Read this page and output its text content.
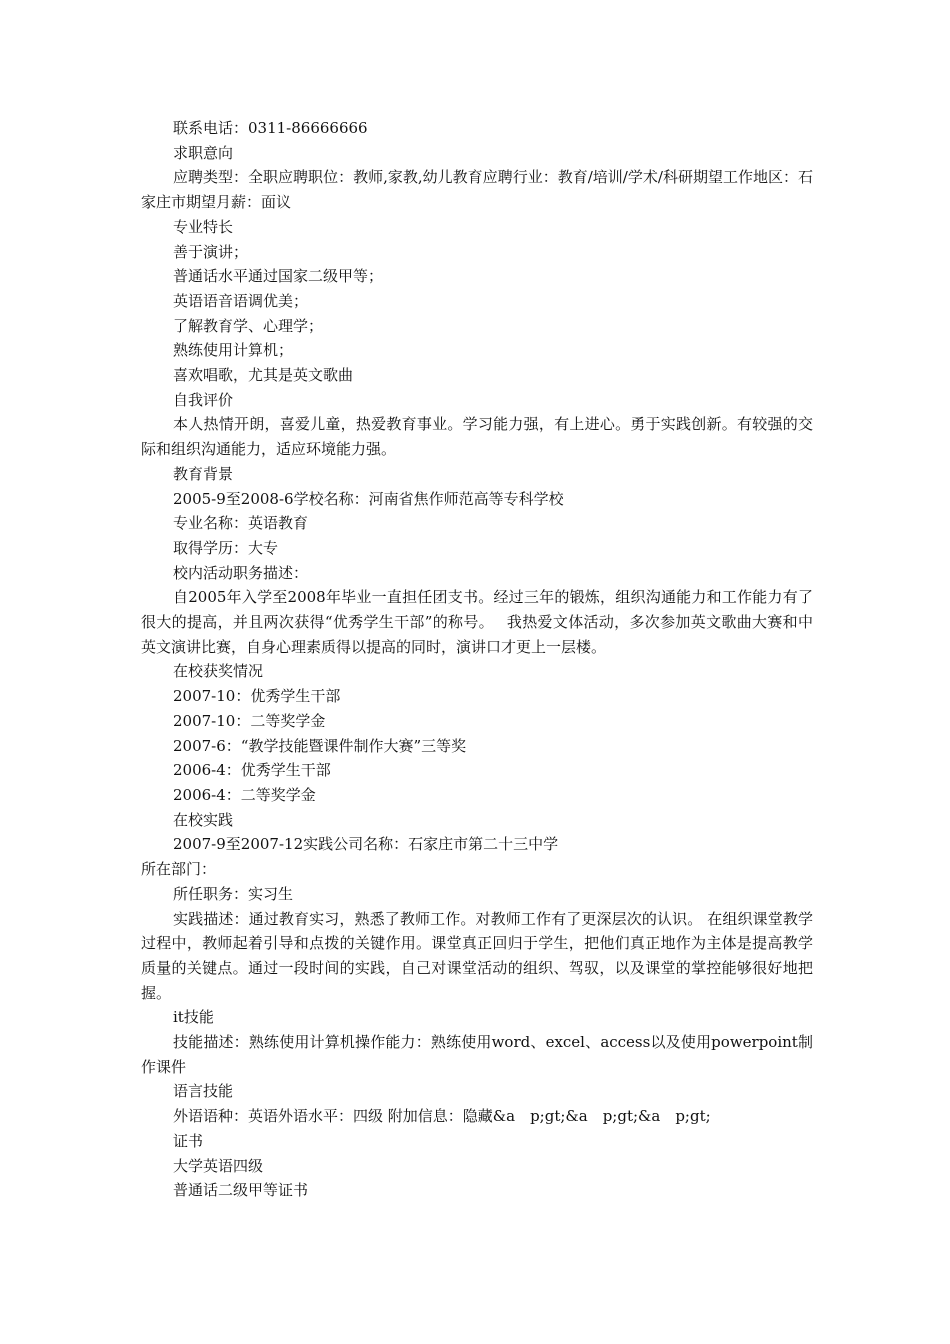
联系电话：0311-86666666

求职意向

应聘类型：全职应聘职位：教师,家教,幼儿教育应聘行业：教育/培训/学术/科研期望工作地区：石家庄市期望月薪：面议

专业特长

善于演讲；

普通话水平通过国家二级甲等；

英语语音语调优美；

了解教育学、心理学；

熟练使用计算机；

喜欢唱歌，尤其是英文歌曲

自我评价

本人热情开朗，喜爱儿童，热爱教育事业。学习能力强，有上进心。勇于实践创新。有较强的交际和组织沟通能力，适应环境能力强。

教育背景

2005-9至2008-6学校名称：河南省焦作师范高等专科学校

专业名称：英语教育

取得学历：大专

校内活动职务描述：

自2005年入学至2008年毕业一直担任团支书。经过三年的锻炼，组织沟通能力和工作能力有了很大的提高，并且两次获得“优秀学生干部”的称号。　 我热爱文体活动，多次参加英文歌曲大赛和中英文演讲比赛，自身心理素质得以提高的同时，演讲口才更上一层楼。

在校获奖情况

2007-10：优秀学生干部

2007-10：二等奖学金

2007-6：“教学技能暨课件制作大赛”三等奖

2006-4：优秀学生干部

2006-4：二等奖学金

在校实践

2007-9至2007-12实践公司名称：石家庄市第二十三中学

所在部门：

所任职务：实习生

实践描述：通过教育实习，熟悉了教师工作。对教师工作有了更深层次的认识。 在组织课堂教学过程中，教师起着引导和点拨的关键作用。课堂真正回归于学生，把他们真正地作为主体是提高教学质量的关键点。通过一段时间的实践，自己对课堂活动的组织、驾驭，以及课堂的掌控能够很好地把握。

it技能

技能描述：熟练使用计算机操作能力：熟练使用word、excel、access以及使用powerpoint制作课件

语言技能

外语语种：英语外语水平：四级 附加信息：隐藏&a　p;gt;&a　p;gt;&a　p;gt;

证书

大学英语四级

普通话二级甲等证书
